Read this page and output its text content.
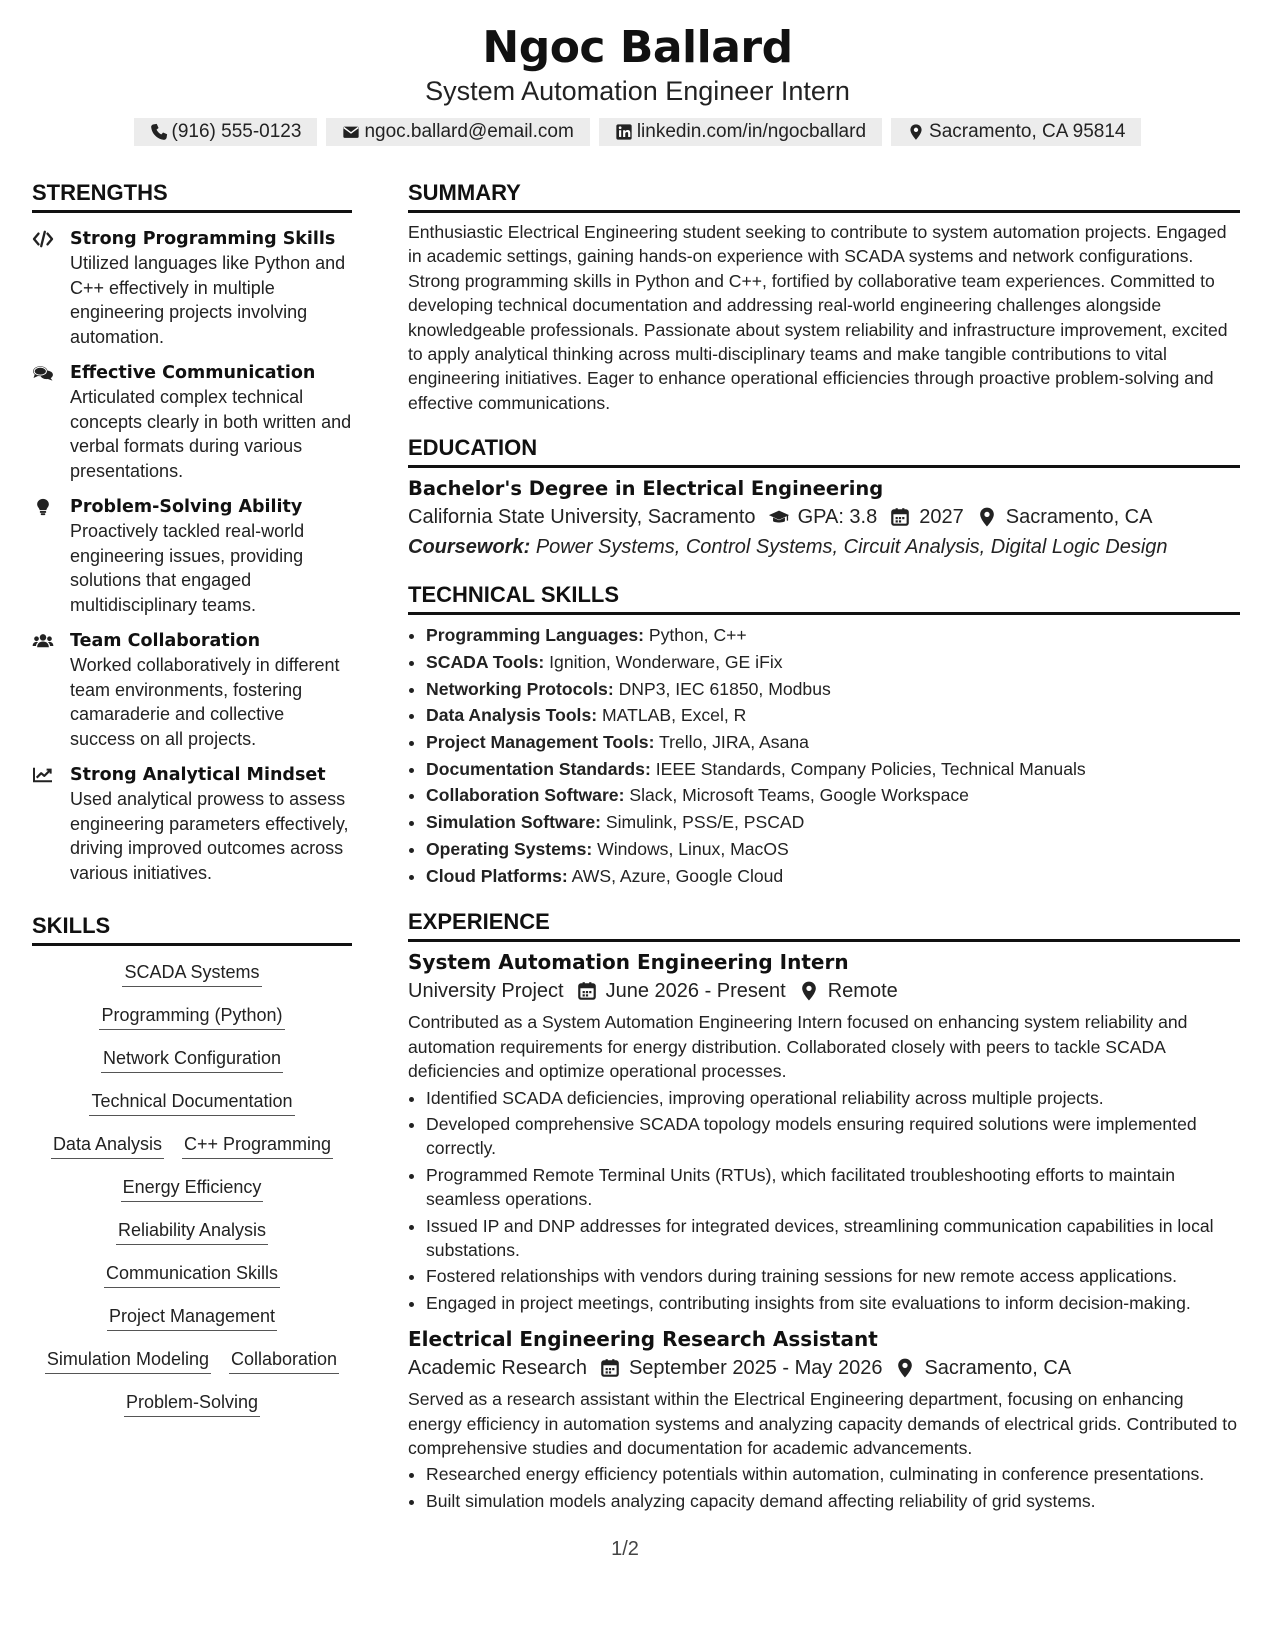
Ngoc Ballard
System Automation Engineer Intern
(916) 555-0123	ngoc.ballard@email.com	linkedin.com/in/ngocballard	Sacramento, CA 95814
STRENGTHS
Strong Programming Skills
Utilized languages like Python and C++ effectively in multiple engineering projects involving automation.
Effective Communication
Articulated complex technical concepts clearly in both written and verbal formats during various presentations.
Problem-Solving Ability
Proactively tackled real-world engineering issues, providing solutions that engaged multidisciplinary teams.
Team Collaboration
Worked collaboratively in different team environments, fostering camaraderie and collective success on all projects.
Strong Analytical Mindset
Used analytical prowess to assess engineering parameters effectively, driving improved outcomes across various initiatives.
SKILLS
SCADA Systems
Programming (Python)
Network Configuration
Technical Documentation
Data Analysis C++ Programming
Energy Efficiency
Reliability Analysis
Communication Skills
Project Management
Simulation Modeling Collaboration
Problem-Solving
SUMMARY
Enthusiastic Electrical Engineering student seeking to contribute to system automation projects. Engaged in academic settings, gaining hands-on experience with SCADA systems and network configurations. Strong programming skills in Python and C++, fortified by collaborative team experiences. Committed to developing technical documentation and addressing real-world engineering challenges alongside knowledgeable professionals. Passionate about system reliability and infrastructure improvement, excited to apply analytical thinking across multi-disciplinary teams and make tangible contributions to vital engineering initiatives. Eager to enhance operational efficiencies through proactive problem-solving and effective communications.
EDUCATION
Bachelor's Degree in Electrical Engineering
California State University, Sacramento GPA: 3.8 2027 Sacramento, CA
Coursework: Power Systems, Control Systems, Circuit Analysis, Digital Logic Design
TECHNICAL SKILLS
• Programming Languages: Python, C++
• SCADA Tools: Ignition, Wonderware, GE iFix
• Networking Protocols: DNP3, IEC 61850, Modbus
• Data Analysis Tools: MATLAB, Excel, R
• Project Management Tools: Trello, JIRA, Asana
• Documentation Standards: IEEE Standards, Company Policies, Technical Manuals
• Collaboration Software: Slack, Microsoft Teams, Google Workspace
• Simulation Software: Simulink, PSS/E, PSCAD
• Operating Systems: Windows, Linux, MacOS
• Cloud Platforms: AWS, Azure, Google Cloud
EXPERIENCE
System Automation Engineering Intern
University Project June 2026 - Present Remote
Contributed as a System Automation Engineering Intern focused on enhancing system reliability and automation requirements for energy distribution. Collaborated closely with peers to tackle SCADA deficiencies and optimize operational processes.
• Identified SCADA deficiencies, improving operational reliability across multiple projects.
• Developed comprehensive SCADA topology models ensuring required solutions were implemented correctly.
• Programmed Remote Terminal Units (RTUs), which facilitated troubleshooting efforts to maintain seamless operations.
• Issued IP and DNP addresses for integrated devices, streamlining communication capabilities in local substations.
• Fostered relationships with vendors during training sessions for new remote access applications.
• Engaged in project meetings, contributing insights from site evaluations to inform decision-making.
Electrical Engineering Research Assistant
Academic Research September 2025 - May 2026 Sacramento, CA
Served as a research assistant within the Electrical Engineering department, focusing on enhancing energy efficiency in automation systems and analyzing capacity demands of electrical grids. Contributed to comprehensive studies and documentation for academic advancements.
• Researched energy efficiency potentials within automation, culminating in conference presentations.
• Built simulation models analyzing capacity demand affecting reliability of grid systems.
1/2
